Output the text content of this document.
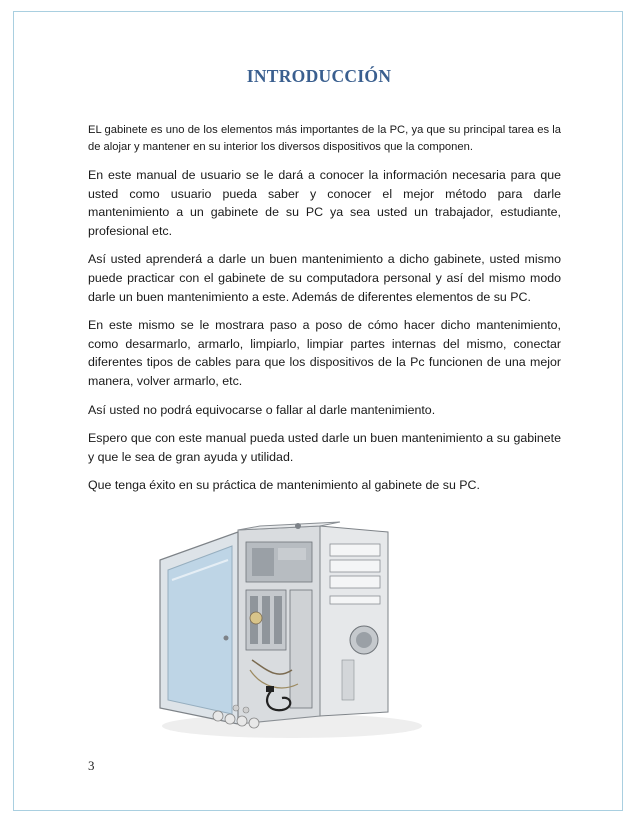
INTRODUCCIÓN

EL gabinete es uno de los elementos más importantes de la PC, ya que su principal tarea es la de alojar y mantener en su interior los diversos dispositivos que la componen.

En este manual de usuario se le dará a conocer la información necesaria para que usted como usuario pueda saber y conocer el mejor método para darle mantenimiento a un gabinete de su PC ya sea usted un trabajador, estudiante, profesional etc.

Así usted aprenderá a darle un buen mantenimiento a dicho gabinete, usted mismo puede practicar con el gabinete de su computadora personal y así del mismo modo darle un buen mantenimiento a este. Además de diferentes elementos de su PC.

En este mismo se le mostrara paso a poso de cómo hacer dicho mantenimiento, como desarmarlo, armarlo, limpiarlo, limpiar partes internas del mismo, conectar diferentes tipos de cables para que los dispositivos de la Pc funcionen de una mejor manera, volver armarlo, etc.

Así usted no podrá equivocarse o fallar al darle mantenimiento.

Espero que con este manual pueda usted darle un buen mantenimiento a su gabinete y que le sea de gran ayuda y utilidad.

Que tenga éxito en su práctica de mantenimiento al gabinete de su PC.

3
